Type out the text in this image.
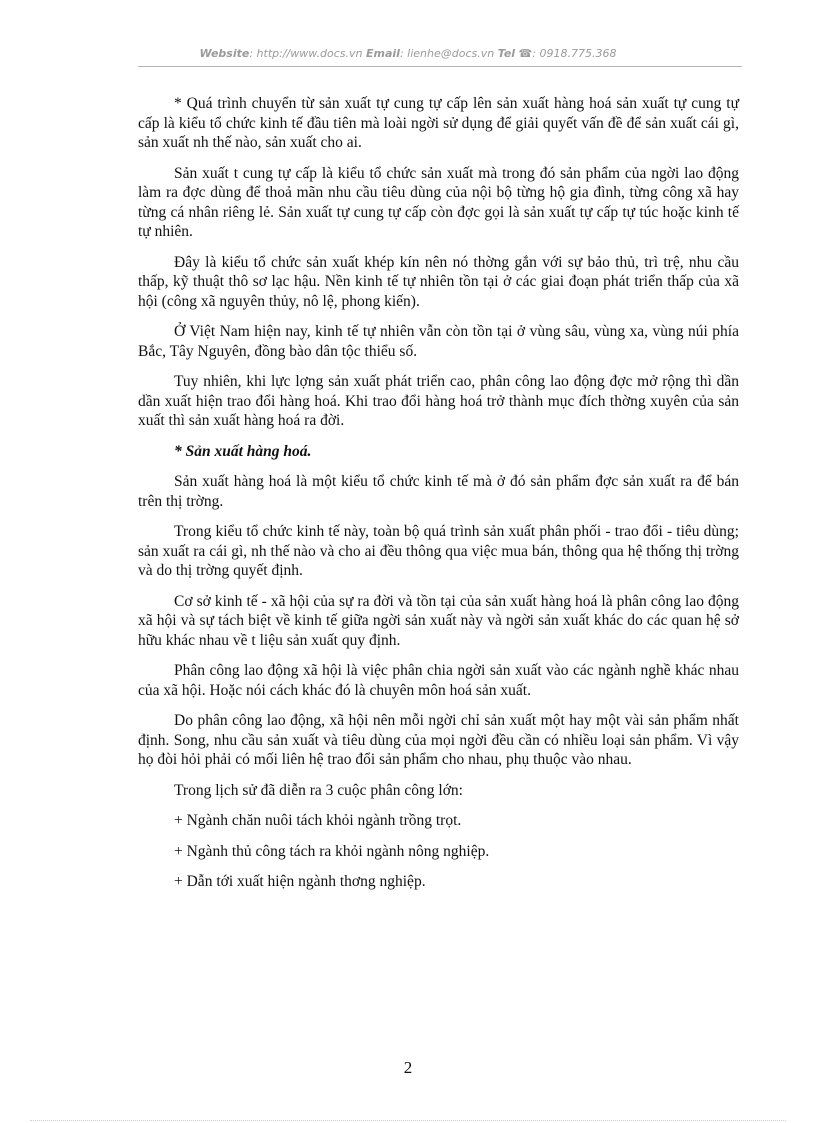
Website: http://www.docs.vn Email: lienhe@docs.vn Tel ☎: 0918.775.368

* Quá trình chuyển từ sản xuất tự cung tự cấp lên sản xuất hàng hoá sản xuất tự cung tự cấp là kiểu tổ chức kinh tế đầu tiên mà loài ngời sử dụng để giải quyết vấn đề để sản xuất cái gì, sản xuất nh thế nào, sản xuất cho ai.

Sản xuất t cung tự cấp là kiểu tổ chức sản xuất mà trong đó sản phẩm của ngời lao động làm ra đợc dùng để thoả mãn nhu cầu tiêu dùng của nội bộ từng hộ gia đình, từng công xã hay từng cá nhân riêng lẻ. Sản xuất tự cung tự cấp còn đợc gọi là sản xuất tự cấp tự túc hoặc kinh tế tự nhiên.

Đây là kiểu tổ chức sản xuất khép kín nên nó thờng gắn với sự bảo thủ, trì trệ, nhu cầu thấp, kỹ thuật thô sơ lạc hậu. Nền kinh tế tự nhiên tồn tại ở các giai đoạn phát triển thấp của xã hội (công xã nguyên thủy, nô lệ, phong kiến).

Ở Việt Nam hiện nay, kinh tế tự nhiên vẫn còn tồn tại ở vùng sâu, vùng xa, vùng núi phía Bắc, Tây Nguyên, đồng bào dân tộc thiểu số.

Tuy nhiên, khi lực lợng sản xuất phát triển cao, phân công lao động đợc mở rộng thì dần dần xuất hiện trao đổi hàng hoá. Khi trao đổi hàng hoá trở thành mục đích thờng xuyên của sản xuất thì sản xuất hàng hoá ra đời.

* Sản xuất hàng hoá.

Sản xuất hàng hoá là một kiểu tổ chức kinh tế mà ở đó sản phẩm đợc sản xuất ra để bán trên thị trờng.

Trong kiểu tổ chức kinh tế này, toàn bộ quá trình sản xuất phân phối - trao đổi - tiêu dùng; sản xuất ra cái gì, nh thế nào và cho ai đều thông qua việc mua bán, thông qua hệ thống thị trờng và do thị trờng quyết định.

Cơ sở kinh tế - xã hội của sự ra đời và tồn tại của sản xuất hàng hoá là phân công lao động xã hội và sự tách biệt về kinh tế giữa ngời sản xuất này và ngời sản xuất khác do các quan hệ sở hữu khác nhau về t liệu sản xuất quy định.

Phân công lao động xã hội là việc phân chia ngời sản xuất vào các ngành nghề khác nhau của xã hội. Hoặc nói cách khác đó là chuyên môn hoá sản xuất.

Do phân công lao động, xã hội nên mỗi ngời chỉ sản xuất một hay một vài sản phẩm nhất định. Song, nhu cầu sản xuất và tiêu dùng của mọi ngời đều cần có nhiều loại sản phẩm. Vì vậy họ đòi hỏi phải có mối liên hệ trao đổi sản phẩm cho nhau, phụ thuộc vào nhau.

Trong lịch sử đã diễn ra 3 cuộc phân công lớn:

+ Ngành chăn nuôi tách khỏi ngành trồng trọt.

+ Ngành thủ công tách ra khỏi ngành nông nghiệp.

+ Dẫn tới xuất hiện ngành thơng nghiệp.

2
